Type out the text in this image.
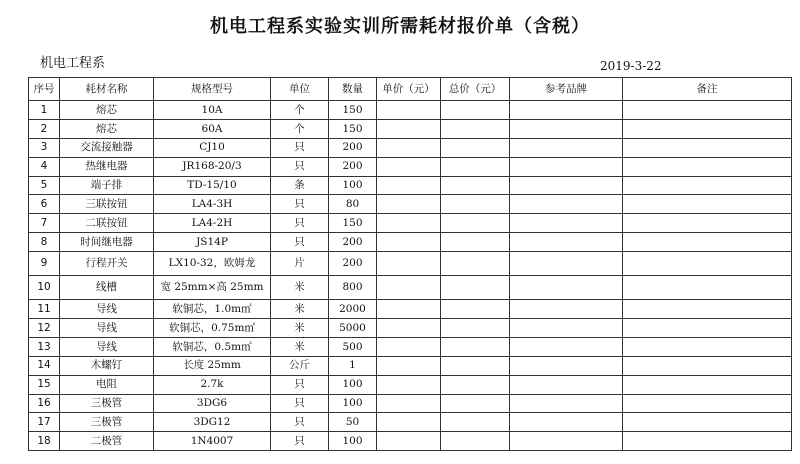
机电工程系实验实训所需耗材报价单（含税）
机电工程系	2019-3-22
序号	耗材名称	规格型号	单位	数量	单价（元）	总价（元）	参考品牌	备注
1	熔芯	10A	个	150				
2	熔芯	60A	个	150				
3	交流接触器	CJ10	只	200				
4	热继电器	JR168-20/3	只	200				
5	端子排	TD-15/10	条	100				
6	三联按钮	LA4-3H	只	80				
7	二联按钮	LA4-2H	只	150				
8	时间继电器	JS14P	只	200				
9	行程开关	LX10-32，欧姆龙	片	200				
10	线槽	宽 25mm×高 25mm	米	800				
11	导线	软铜芯，1.0m㎡	米	2000				
12	导线	软铜芯，0.75m㎡	米	5000				
13	导线	软铜芯，0.5m㎡	米	500				
14	木螺钉	长度 25mm	公斤	1				
15	电阻	2.7k	只	100				
16	三极管	3DG6	只	100				
17	三极管	3DG12	只	50				
18	二极管	1N4007	只	100				
